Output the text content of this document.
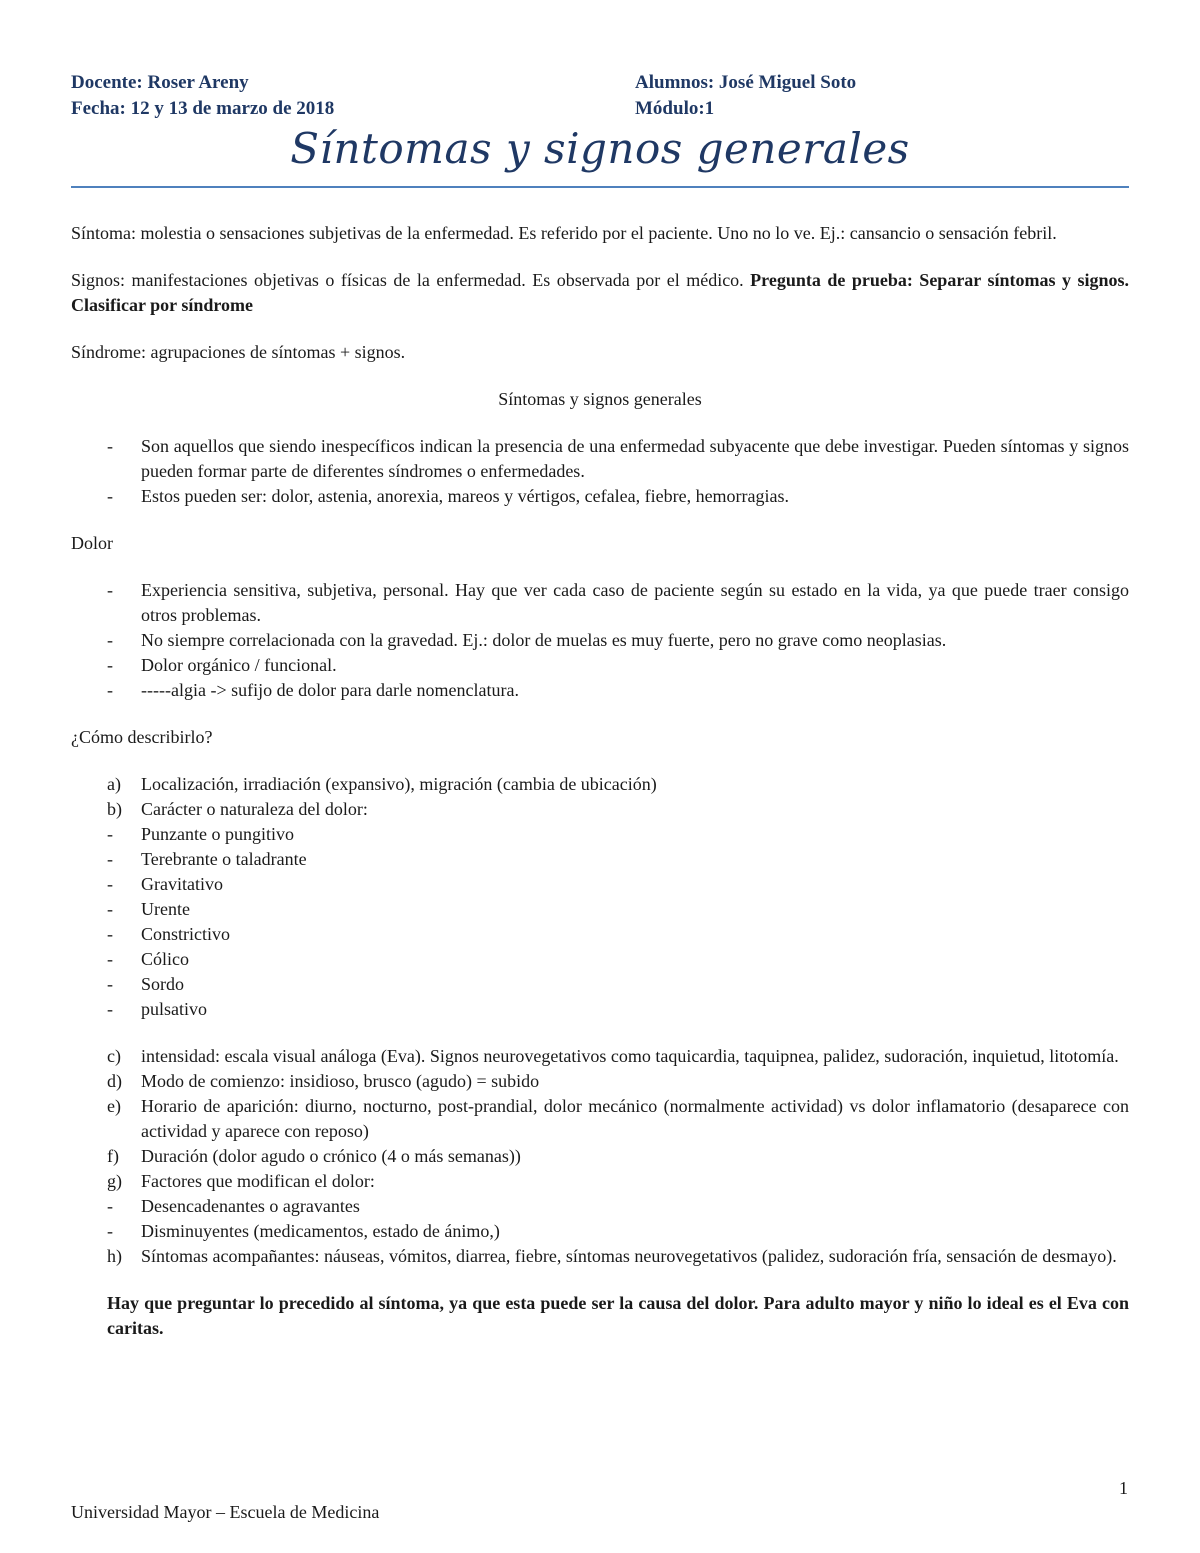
Docente: Roser Areny	Alumnos: José Miguel Soto
Fecha: 12 y 13 de marzo de 2018	Módulo:1
Síntomas y signos generales

Síntoma: molestia o sensaciones subjetivas de la enfermedad. Es referido por el paciente. Uno no lo ve. Ej.: cansancio o sensación febril.

Signos: manifestaciones objetivas o físicas de la enfermedad. Es observada por el médico. Pregunta de prueba: Separar síntomas y signos. Clasificar por síndrome

Síndrome: agrupaciones de síntomas + signos.

Síntomas y signos generales

- Son aquellos que siendo inespecíficos indican la presencia de una enfermedad subyacente que debe investigar. Pueden síntomas y signos pueden formar parte de diferentes síndromes o enfermedades.
- Estos pueden ser: dolor, astenia, anorexia, mareos y vértigos, cefalea, fiebre, hemorragias.

Dolor

- Experiencia sensitiva, subjetiva, personal. Hay que ver cada caso de paciente según su estado en la vida, ya que puede traer consigo otros problemas.
- No siempre correlacionada con la gravedad. Ej.: dolor de muelas es muy fuerte, pero no grave como neoplasias.
- Dolor orgánico / funcional.
- -----algia -> sufijo de dolor para darle nomenclatura.

¿Cómo describirlo?

a) Localización, irradiación (expansivo), migración (cambia de ubicación)
b) Carácter o naturaleza del dolor:
- Punzante o pungitivo
- Terebrante o taladrante
- Gravitativo
- Urente
- Constrictivo
- Cólico
- Sordo
- pulsativo
c) intensidad: escala visual análoga (Eva). Signos neurovegetativos como taquicardia, taquipnea, palidez, sudoración, inquietud, litotomía.
d) Modo de comienzo: insidioso, brusco (agudo) = subido
e) Horario de aparición: diurno, nocturno, post-prandial, dolor mecánico (normalmente actividad) vs dolor inflamatorio (desaparece con actividad y aparece con reposo)
f) Duración (dolor agudo o crónico (4 o más semanas))
g) Factores que modifican el dolor:
- Desencadenantes o agravantes
- Disminuyentes (medicamentos, estado de ánimo,)
h) Síntomas acompañantes: náuseas, vómitos, diarrea, fiebre, síntomas neurovegetativos (palidez, sudoración fría, sensación de desmayo).
Hay que preguntar lo precedido al síntoma, ya que esta puede ser la causa del dolor. Para adulto mayor y niño lo ideal es el Eva con caritas.
1
Universidad Mayor – Escuela de Medicina
